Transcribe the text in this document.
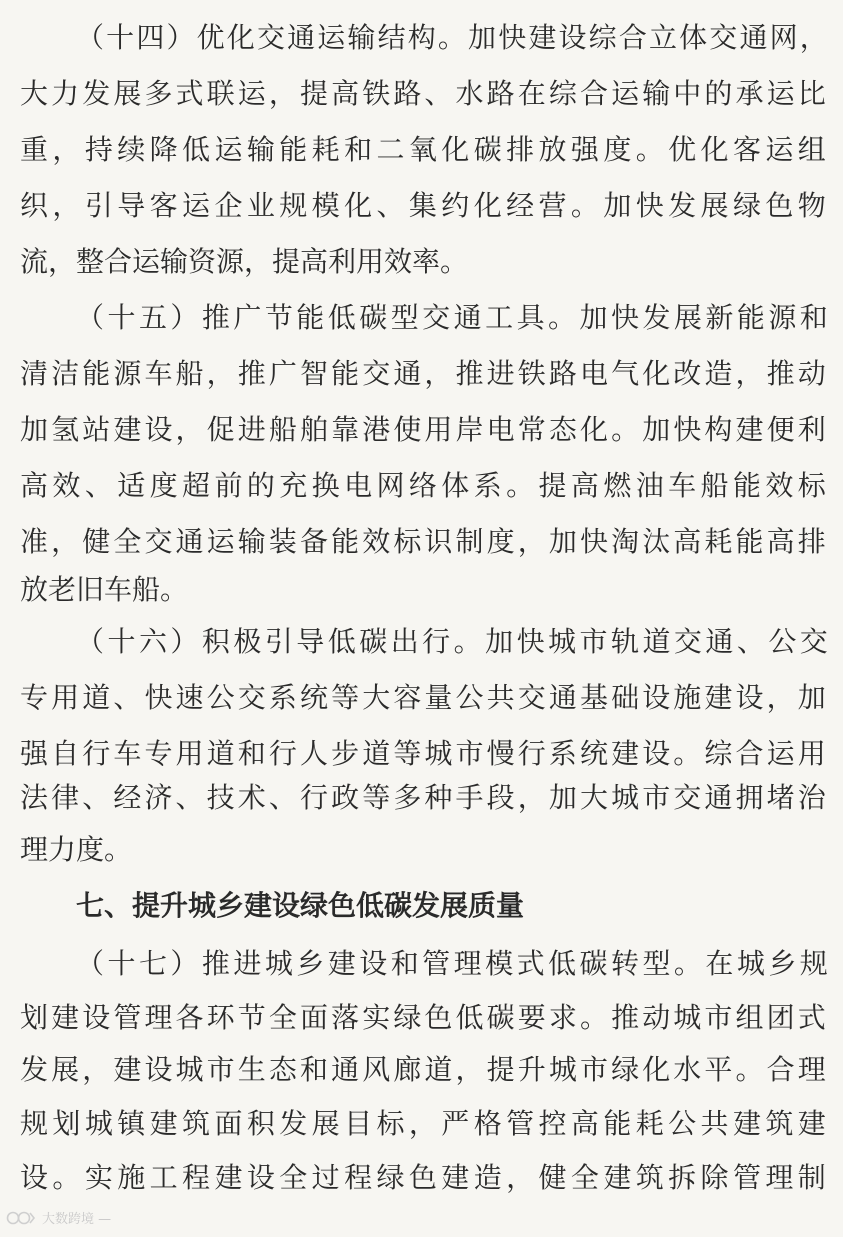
（ 十 四 ） 优 化 交 通 运 输 结 构 。 加 快 建 设 综 合 立 体 交 通 网 ，
大 力 发 展 多 式 联 运 ， 提 高 铁 路 、 水 路 在 综 合 运 输 中 的 承 运 比
重 ， 持 续 降 低 运 输 能 耗 和 二 氧 化 碳 排 放 强 度 。 优 化 客 运 组
织 ， 引 导 客 运 企 业 规 模 化 、 集 约 化 经 营 。 加 快 发 展 绿 色 物
流，整合运输资源，提高利用效率。
（ 十 五 ） 推 广 节 能 低 碳 型 交 通 工 具 。 加 快 发 展 新 能 源 和
清 洁 能 源 车 船 ， 推 广 智 能 交 通 ， 推 进 铁 路 电 气 化 改 造 ， 推 动
加 氢 站 建 设 ， 促 进 船 舶 靠 港 使 用 岸 电 常 态 化 。 加 快 构 建 便 利
高 效 、 适 度 超 前 的 充 换 电 网 络 体 系 。 提 高 燃 油 车 船 能 效 标
准 ， 健 全 交 通 运 输 装 备 能 效 标 识 制 度 ， 加 快 淘 汰 高 耗 能 高 排
放老旧车船。
（ 十 六 ） 积 极 引 导 低 碳 出 行 。 加 快 城 市 轨 道 交 通 、 公 交
专 用 道 、 快 速 公 交 系 统 等 大 容 量 公 共 交 通 基 础 设 施 建 设 ， 加
强 自 行 车 专 用 道 和 行 人 步 道 等 城 市 慢 行 系 统 建 设 。 综 合 运 用
法 律 、 经 济 、 技 术 、 行 政 等 多 种 手 段 ， 加 大 城 市 交 通 拥 堵 治
理力度。
七、提升城乡建设绿色低碳发展质量
（ 十 七 ） 推 进 城 乡 建 设 和 管 理 模 式 低 碳 转 型 。 在 城 乡 规
划 建 设 管 理 各 环 节 全 面 落 实 绿 色 低 碳 要 求 。 推 动 城 市 组 团 式
发 展 ， 建 设 城 市 生 态 和 通 风 廊 道 ， 提 升 城 市 绿 化 水 平 。 合 理
规 划 城 镇 建 筑 面 积 发 展 目 标 ， 严 格 管 控 高 能 耗 公 共 建 筑 建
设 。 实 施 工 程 建 设 全 过 程 绿 色 建 造 ， 健 全 建 筑 拆 除 管 理 制
大数跨境 —
